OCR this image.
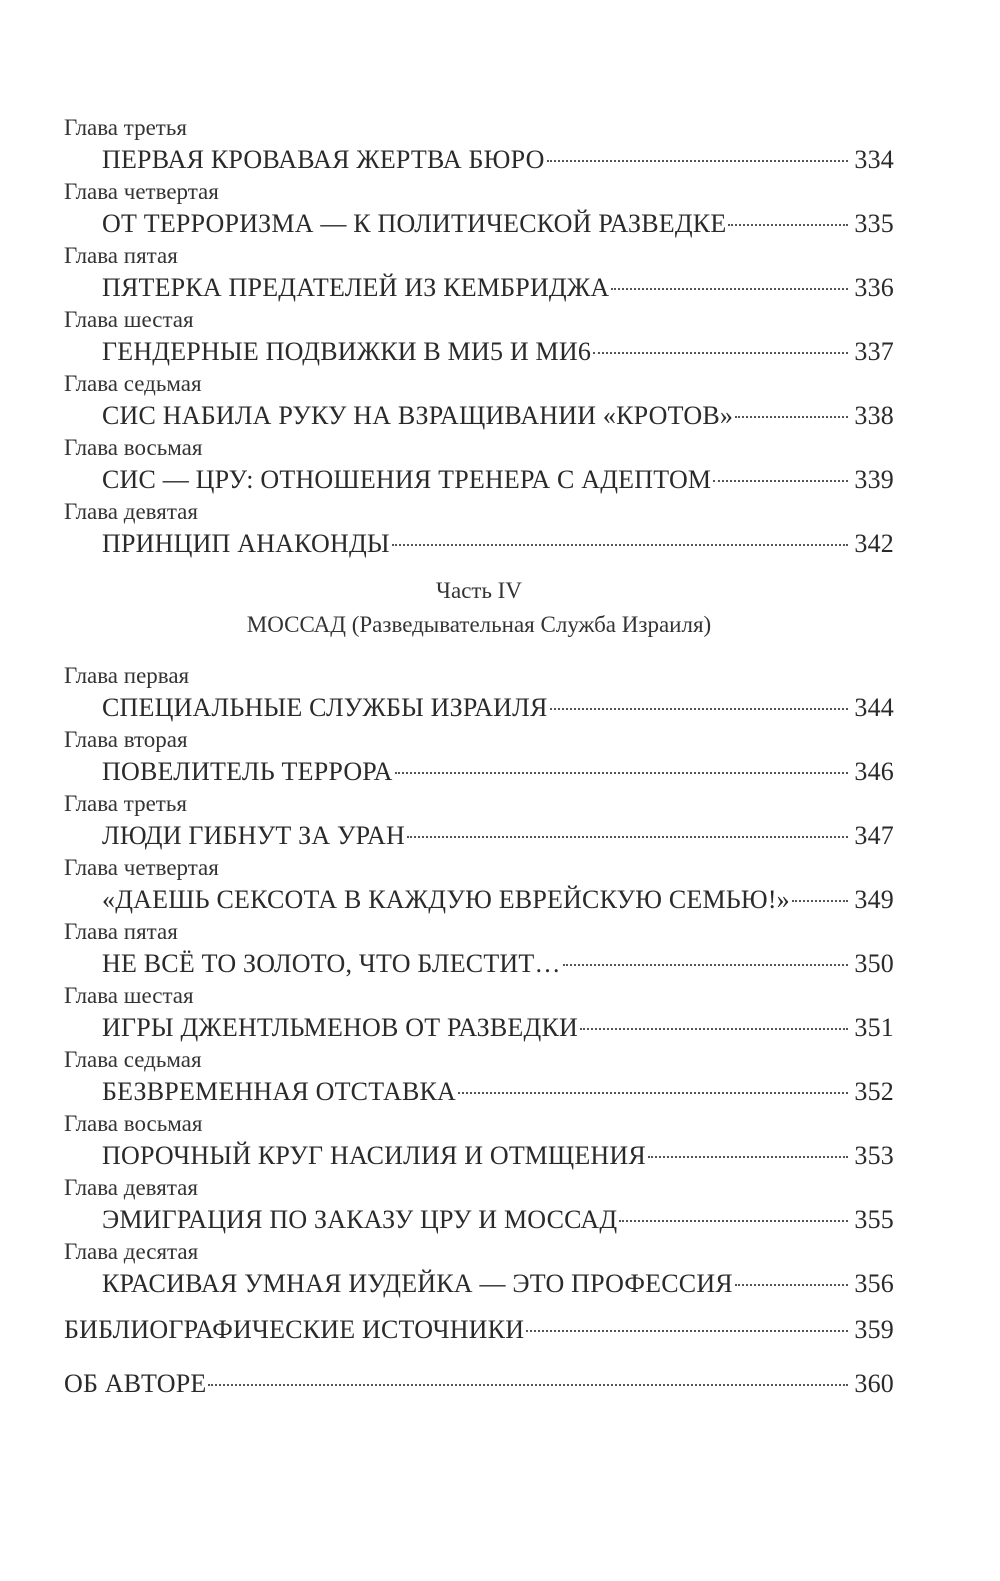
Глава третья
ПЕРВАЯ КРОВАВАЯ ЖЕРТВА БЮРО	334
Глава четвертая
ОТ ТЕРРОРИЗМА — К ПОЛИТИЧЕСКОЙ РАЗВЕДКЕ	335
Глава пятая
ПЯТЕРКА ПРЕДАТЕЛЕЙ ИЗ КЕМБРИДЖА	336
Глава шестая
ГЕНДЕРНЫЕ ПОДВИЖКИ В МИ5 И МИ6	337
Глава седьмая
СИС НАБИЛА РУКУ НА ВЗРАЩИВАНИИ «КРОТОВ»	338
Глава восьмая
СИС — ЦРУ: ОТНОШЕНИЯ ТРЕНЕРА С АДЕПТОМ	339
Глава девятая
ПРИНЦИП АНАКОНДЫ	342
Часть IV
МОССАД (Разведывательная Служба Израиля)
Глава первая
СПЕЦИАЛЬНЫЕ СЛУЖБЫ ИЗРАИЛЯ	344
Глава вторая
ПОВЕЛИТЕЛЬ ТЕРРОРА	346
Глава третья
ЛЮДИ ГИБНУТ ЗА УРАН	347
Глава четвертая
«ДАЕШЬ СЕКСОТА В КАЖДУЮ ЕВРЕЙСКУЮ СЕМЬЮ!» 349
Глава пятая
НЕ ВСЁ ТО ЗОЛОТО, ЧТО БЛЕСТИТ…	350
Глава шестая
ИГРЫ ДЖЕНТЛЬМЕНОВ ОТ РАЗВЕДКИ	351
Глава седьмая
БЕЗВРЕМЕННАЯ ОТСТАВКА	352
Глава восьмая
ПОРОЧНЫЙ КРУГ НАСИЛИЯ И ОТМЩЕНИЯ	353
Глава девятая
ЭМИГРАЦИЯ ПО ЗАКАЗУ ЦРУ И МОССАД	355
Глава десятая
КРАСИВАЯ УМНАЯ ИУДЕЙКА — ЭТО ПРОФЕССИЯ	356
БИБЛИОГРАФИЧЕСКИЕ ИСТОЧНИКИ	359
ОБ АВТОРЕ	360
